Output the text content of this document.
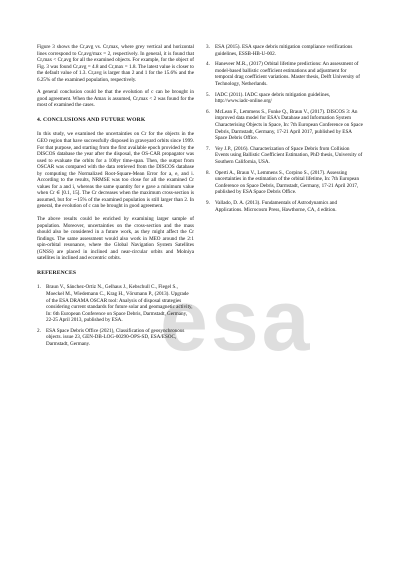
Figure 3 shows the Cr,avg vs. Cr,max, where grey vertical and horizontal lines correspond to Cr,avg/max = 2, respectively. In general, it is found that Cr,max < Cr,avg for all the examined objects. For example, for the object of Fig. 3 was found Cr,avg = 4.8 and Cr,max = 1.8. The latest value is closer to the default value of 1.3. Cr,avg is larger than 2 and 1 for the 15.6% and the 6.25% of the examined population, respectively.

A general conclusion could be that the evolution of c can be brought in good agreement. When the Amax is assumed, Cr,max < 2 was found for the most of examined the cases.

4. CONCLUSIONS AND FUTURE WORK

In this study, we examined the uncertainties on Cr for the objects in the GEO region that have successfully disposed in graveyard orbits since 1999. For that purpose, and starting from the first available epoch provided by the DISCOS database the year after the disposal, the OS-CAR propagator was used to evaluate the orbits for a 100yr time-span. Then, the output from OSCAR was compared with the data retrieved from the DISCOS database by computing the Normalized Root-Square-Mean Error for a, e, and i. According to the results, NRMSE was too close for all the examined Cr values for a and i, whereas the same quantity for e gave a minimum value when Cr ∈ [0.1, 15]. The Cr decreases when the maximum cross-section is assumed, but for ∼15% of the examined population is still larger than 2. In general, the evolution of c can be brought in good agreement.

The above results could be enriched by examining larger sample of population. Moreover, uncertainties on the cross-section and the mass should also be considered in a future work, as they might affect the Cr findings. The same assessment would also work in MEO around the 2:1 spin-orbital resonance, where the Global Navigation System Satellites (GNSS) are placed in inclined and near-circular orbits and Molniya satellites in inclined and eccentric orbits.

REFERENCES
1. Braun V., Sánchez-Ortiz N., Gelhaus J., Kebschull C., Flegel S., Moeckel M., Wiedemann C., Krag H., Vörsmann P., (2013). Upgrade of the ESA DRAMA OSCAR tool: Analysis of disposal strategies considering current standards for future solar and geomagnetic activity, In: 6th European Conference on Space Debris, Darmstadt, Germany, 22-25 April 2013, published by ESA.
2. ESA Space Debris Office (2021), Classification of geosynchronous objects. issue 23, GEN-DB-LOG-00290-OPS-SD, ESA/ESOC, Darmstadt, Germany.
3. ESA (2015). ESA space debris mitigation compliance verifications guidelines, ESSB-HB-U-002.
4. Haneveer M.R., (2017) Orbital lifetime predictions: An assessment of model-based ballistic coefficient estimations and adjustment for temporal drag coefficient variations. Master thesis, Delft University of Technology, Netherlands.
5. IADC (2011). IADC space debris mitigation guidelines, http://www.iadc-online.org/
6. McLean F., Lemmens S., Funke Q., Braun V., (2017). DISCOS 3: An improved data model for ESA's Database and Information System Characterising Objects in Space, In: 7th European Conference on Space Debris, Darmstadt, Germany, 17-21 April 2017, published by ESA Space Debris Office.
7. Vey J.P., (2016). Characterization of Space Debris from Collision Events using Ballistic Coefficient Estimation, PhD thesis, University of Southern California, USA.
8. Operti A., Braun V., Lemmens S., Corpino S., (2017). Assessing uncertainties in the estimation of the orbital lifetime, In: 7th European Conference on Space Debris, Darmstadt, Germany, 17-21 April 2017, published by ESA Space Debris Office.
9. Vallado, D. A. (2013). Fundamentals of Astrodynamics and Applications. Microcosm Press, Hawthorne, CA, 4 edition.
esa
